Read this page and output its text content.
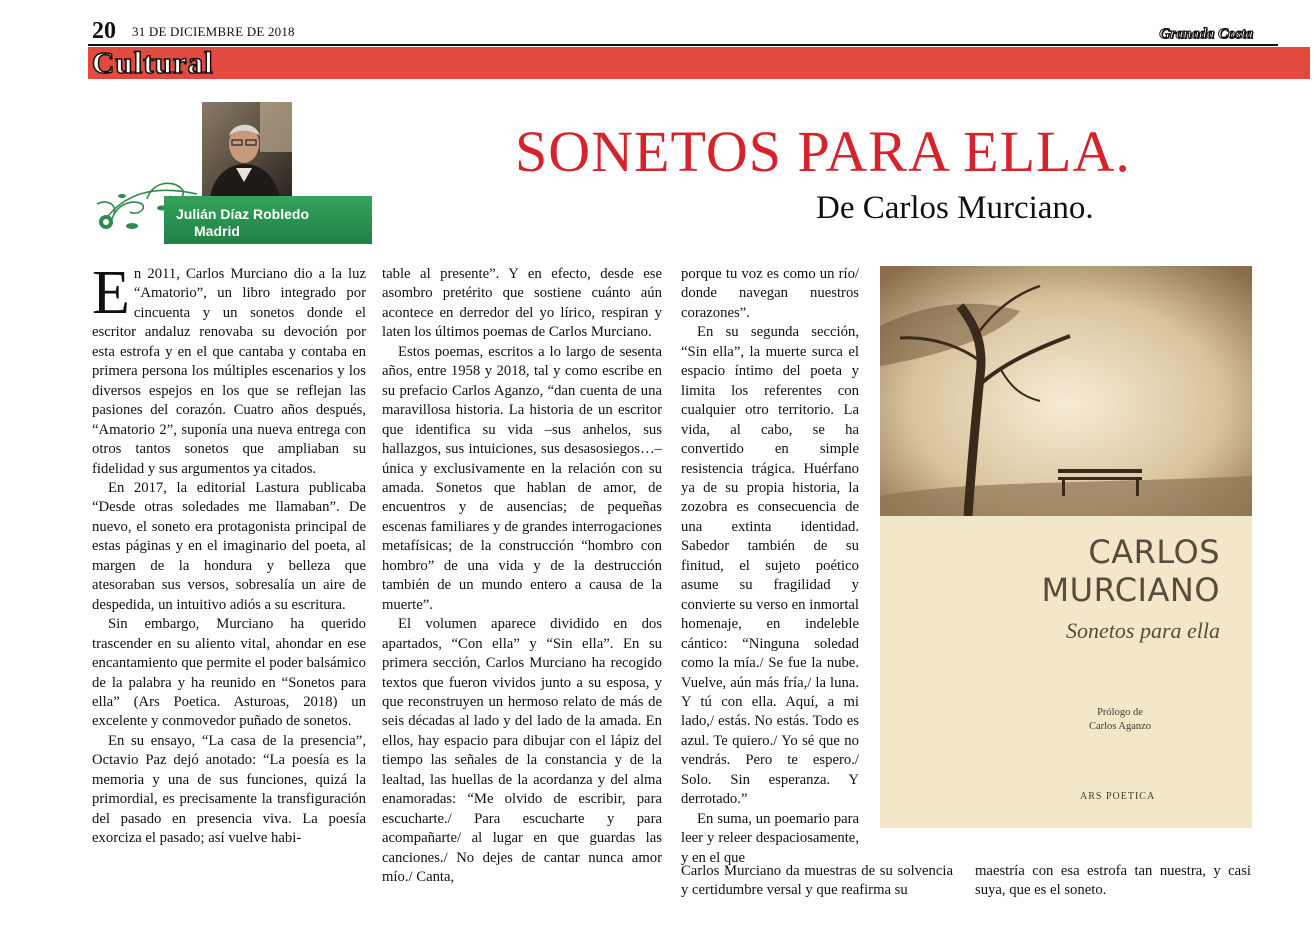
20 31 DE DICIEMBRE DE 2018	Granada Costa
Cultural
Julián Díaz Robledo
Madrid
SONETOS PARA ELLA.
De Carlos Murciano.

En 2011, Carlos Murciano dio a la luz “Amatorio”, un libro integrado por cincuenta y un sonetos donde el escritor andaluz renovaba su devoción por esta estrofa y en el que cantaba y contaba en primera persona los múltiples escenarios y los diversos espejos en los que se reflejan las pasiones del corazón. Cuatro años después, “Amatorio 2”, suponía una nueva entrega con otros tantos sonetos que ampliaban su fidelidad y sus argumentos ya citados.

En 2017, la editorial Lastura publicaba “Desde otras soledades me llamaban”. De nuevo, el soneto era protagonista principal de estas páginas y en el imaginario del poeta, al margen de la hondura y belleza que atesoraban sus versos, sobresalía un aire de despedida, un intuitivo adiós a su escritura.

Sin embargo, Murciano ha querido trascender en su aliento vital, ahondar en ese encantamiento que permite el poder balsámico de la palabra y ha reunido en “Sonetos para ella” (Ars Poetica. Asturoas, 2018) un excelente y conmovedor puñado de sonetos.

En su ensayo, “La casa de la presencia”, Octavio Paz dejó anotado: “La poesía es la memoria y una de sus funciones, quizá la primordial, es precisamente la transfiguración del pasado en presencia viva. La poesía exorciza el pasado; así vuelve habi-

table al presente”. Y en efecto, desde ese asombro pretérito que sostiene cuánto aún acontece en derredor del yo lírico, respiran y laten los últimos poemas de Carlos Murciano.

Estos poemas, escritos a lo largo de sesenta años, entre 1958 y 2018, tal y como escribe en su prefacio Carlos Aganzo, “dan cuenta de una maravillosa historia. La historia de un escritor que identifica su vida –sus anhelos, sus hallazgos, sus intuiciones, sus desasosiegos…– única y exclusivamente en la relación con su amada. Sonetos que hablan de amor, de encuentros y de ausencias; de pequeñas escenas familiares y de grandes interrogaciones metafísicas; de la construcción “hombro con hombro” de una vida y de la destrucción también de un mundo entero a causa de la muerte”.

El volumen aparece dividido en dos apartados, “Con ella” y “Sin ella”. En su primera sección, Carlos Murciano ha recogido textos que fueron vividos junto a su esposa, y que reconstruyen un hermoso relato de más de seis décadas al lado y del lado de la amada. En ellos, hay espacio para dibujar con el lápiz del tiempo las señales de la constancia y de la lealtad, las huellas de la acordanza y del alma enamoradas: “Me olvido de escribir, para escucharte./ Para escucharte y para acompañarte/ al lugar en que guardas las canciones./ No dejes de cantar nunca amor mío./ Canta,

porque tu voz es como un río/ donde navegan nuestros corazones”.

En su segunda sección, “Sin ella”, la muerte surca el espacio íntimo del poeta y limita los referentes con cualquier otro territorio. La vida, al cabo, se ha convertido en simple resistencia trágica. Huérfano ya de su propia historia, la zozobra es consecuencia de una extinta identidad. Sabedor también de su finitud, el sujeto poético asume su fragilidad y convierte su verso en inmortal homenaje, en indeleble cántico: “Ninguna soledad como la mía./ Se fue la nube. Vuelve, aún más fría,/ la luna. Y tú con ella. Aquí, a mi lado,/ estás. No estás. Todo es azul. Te quiero./ Yo sé que no vendrás. Pero te espero./ Solo. Sin esperanza. Y derrotado.”

En suma, un poemario para leer y releer despaciosamente, y en el que

Carlos Murciano da muestras de su solvencia y certidumbre versal y que reafirma su

maestría con esa estrofa tan nuestra, y casi suya, que es el soneto.

CARLOS
MURCIANO
Sonetos para ella
Prólogo de
Carlos Aganzo
ARS POETICA
